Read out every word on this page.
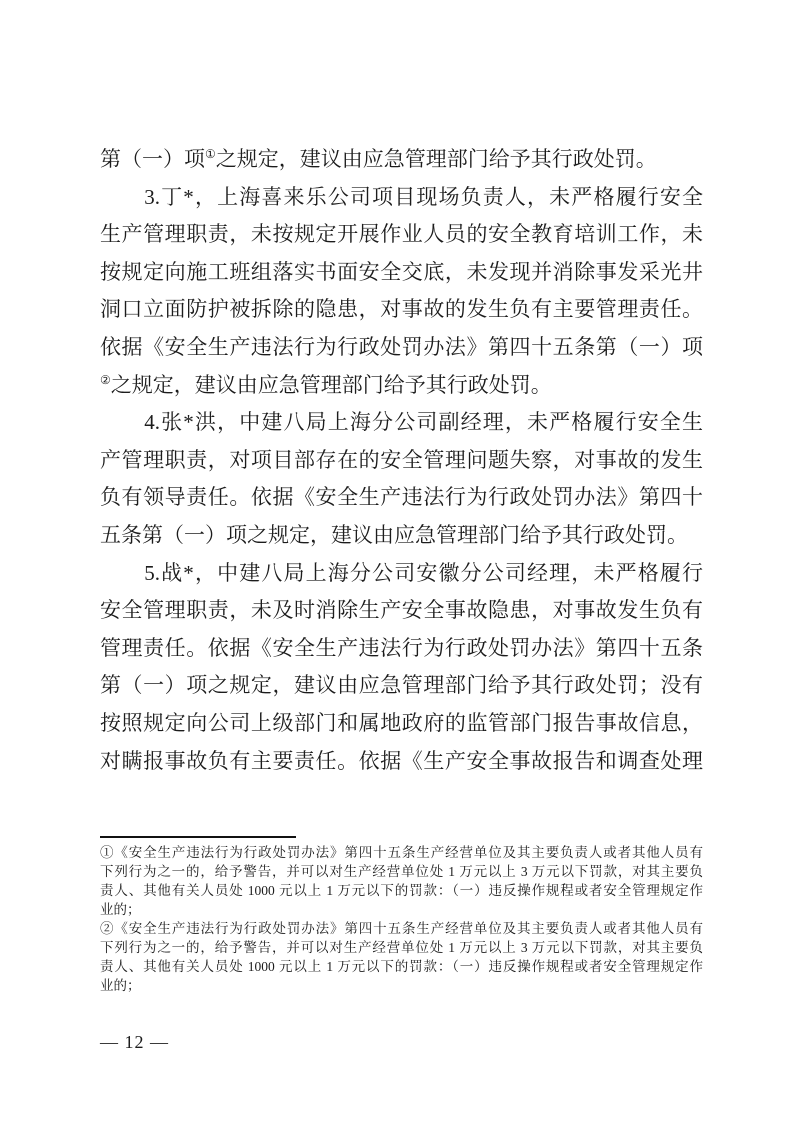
第（一）项①之规定，建议由应急管理部门给予其行政处罚。
　　3.丁*，上海喜来乐公司项目现场负责人，未严格履行安全
生产管理职责，未按规定开展作业人员的安全教育培训工作，未
按规定向施工班组落实书面安全交底，未发现并消除事发采光井
洞口立面防护被拆除的隐患，对事故的发生负有主要管理责任。
依据《安全生产违法行为行政处罚办法》第四十五条第（一）项
②之规定，建议由应急管理部门给予其行政处罚。
　　4.张*洪，中建八局上海分公司副经理，未严格履行安全生
产管理职责，对项目部存在的安全管理问题失察，对事故的发生
负有领导责任。依据《安全生产违法行为行政处罚办法》第四十
五条第（一）项之规定，建议由应急管理部门给予其行政处罚。
　　5.战*，中建八局上海分公司安徽分公司经理，未严格履行
安全管理职责，未及时消除生产安全事故隐患，对事故发生负有
管理责任。依据《安全生产违法行为行政处罚办法》第四十五条
第（一）项之规定，建议由应急管理部门给予其行政处罚；没有
按照规定向公司上级部门和属地政府的监管部门报告事故信息，
对瞒报事故负有主要责任。依据《生产安全事故报告和调查处理
①《安全生产违法行为行政处罚办法》第四十五条生产经营单位及其主要负责人或者其他人员有
下列行为之一的，给予警告，并可以对生产经营单位处 1 万元以上 3 万元以下罚款，对其主要负
责人、其他有关人员处 1000 元以上 1 万元以下的罚款：（一）违反操作规程或者安全管理规定作
业的；
②《安全生产违法行为行政处罚办法》第四十五条生产经营单位及其主要负责人或者其他人员有
下列行为之一的，给予警告，并可以对生产经营单位处 1 万元以上 3 万元以下罚款，对其主要负
责人、其他有关人员处 1000 元以上 1 万元以下的罚款：（一）违反操作规程或者安全管理规定作
业的；
— 12 —
